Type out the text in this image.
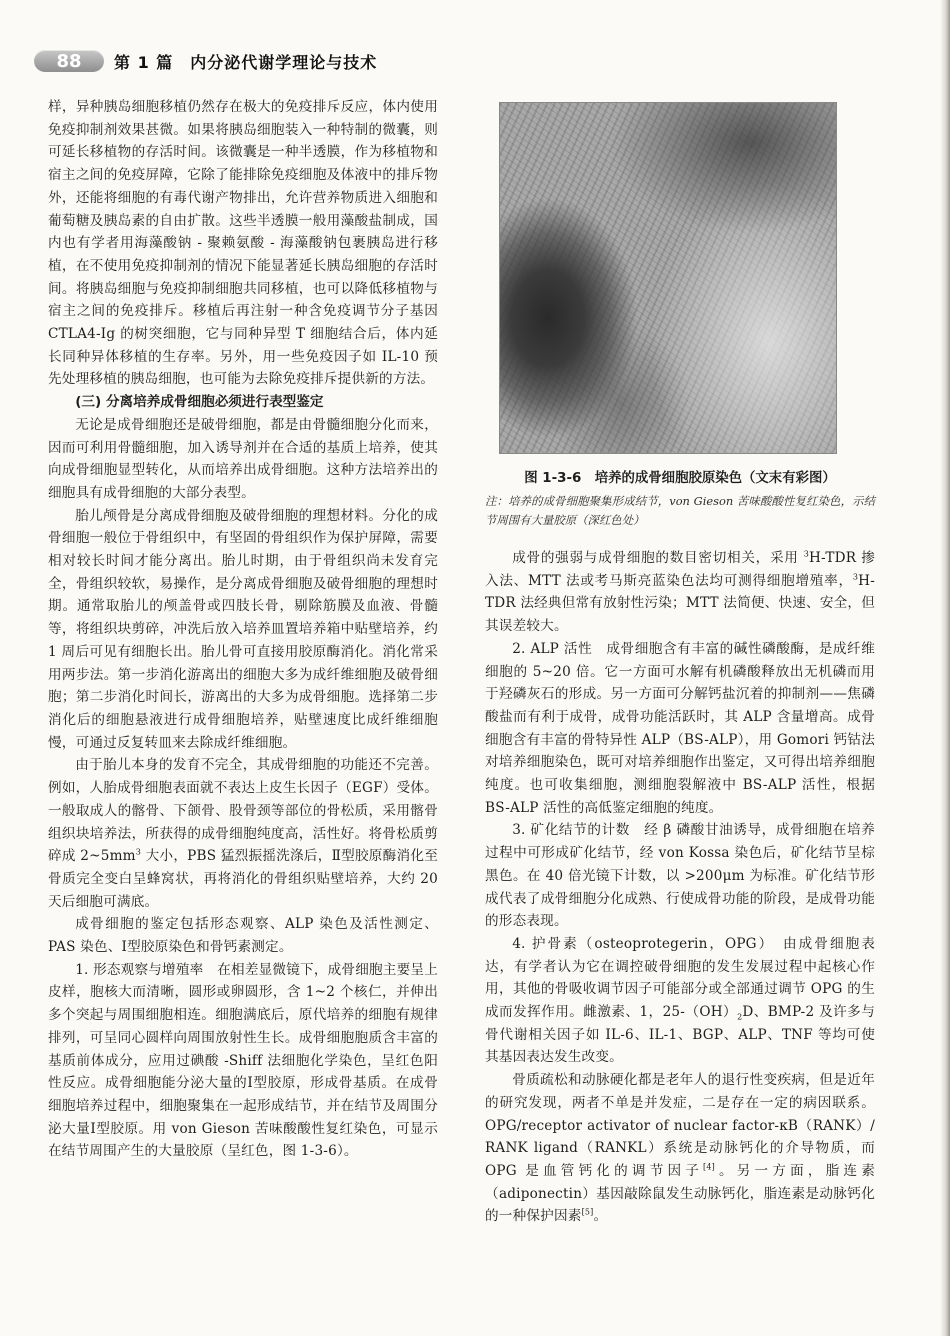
88	第 1 篇　内分泌代谢学理论与技术

样，异种胰岛细胞移植仍然存在极大的免疫排斥反应，体内使用免疫抑制剂效果甚微。如果将胰岛细胞装入一种特制的微囊，则可延长移植物的存活时间。该微囊是一种半透膜，作为移植物和宿主之间的免疫屏障，它除了能排除免疫细胞及体液中的排斥物外，还能将细胞的有毒代谢产物排出，允许营养物质进入细胞和葡萄糖及胰岛素的自由扩散。这些半透膜一般用藻酸盐制成，国内也有学者用海藻酸钠 - 聚赖氨酸 - 海藻酸钠包裹胰岛进行移植，在不使用免疫抑制剂的情况下能显著延长胰岛细胞的存活时间。将胰岛细胞与免疫抑制细胞共同移植，也可以降低移植物与宿主之间的免疫排斥。移植后再注射一种含免疫调节分子基因 CTLA4-Ig 的树突细胞，它与同种异型 T 细胞结合后，体内延长同种异体移植的生存率。另外，用一些免疫因子如 IL-10 预先处理移植的胰岛细胞，也可能为去除免疫排斥提供新的方法。

(三) 分离培养成骨细胞必须进行表型鉴定

无论是成骨细胞还是破骨细胞，都是由骨髓细胞分化而来，因而可利用骨髓细胞，加入诱导剂并在合适的基质上培养，使其向成骨细胞显型转化，从而培养出成骨细胞。这种方法培养出的细胞具有成骨细胞的大部分表型。

胎儿颅骨是分离成骨细胞及破骨细胞的理想材料。分化的成骨细胞一般位于骨组织中，有坚固的骨组织作为保护屏障，需要相对较长时间才能分离出。胎儿时期，由于骨组织尚未发育完全，骨组织较软，易操作，是分离成骨细胞及破骨细胞的理想时期。通常取胎儿的颅盖骨或四肢长骨，剔除筋膜及血液、骨髓等，将组织块剪碎，冲洗后放入培养皿置培养箱中贴壁培养，约 1 周后可见有细胞长出。胎儿骨可直接用胶原酶消化。消化常采用两步法。第一步消化游离出的细胞大多为成纤维细胞及破骨细胞；第二步消化时间长，游离出的大多为成骨细胞。选择第二步消化后的细胞悬液进行成骨细胞培养，贴壁速度比成纤维细胞慢，可通过反复转皿来去除成纤维细胞。

由于胎儿本身的发育不完全，其成骨细胞的功能还不完善。例如，人胎成骨细胞表面就不表达上皮生长因子（EGF）受体。一般取成人的髂骨、下颌骨、股骨颈等部位的骨松质，采用髂骨组织块培养法，所获得的成骨细胞纯度高，活性好。将骨松质剪碎成 $2\sim 5mm^3$ 大小，PBS 猛烈振摇洗涤后，Ⅱ型胶原酶消化至骨质完全变白呈蜂窝状，再将消化的骨组织贴壁培养，大约 20 天后细胞可满底。

成骨细胞的鉴定包括形态观察、ALP 染色及活性测定、PAS 染色、Ⅰ型胶原染色和骨钙素测定。

1. 形态观察与增殖率　在相差显微镜下，成骨细胞主要呈上皮样，胞核大而清晰，圆形或卵圆形，含 1~2 个核仁，并伸出多个突起与周围细胞相连。细胞满底后，原代培养的细胞有规律排列，可呈同心圆样向周围放射性生长。成骨细胞胞质含丰富的基质前体成分，应用过碘酸 -Shiff 法细胞化学染色，呈红色阳性反应。成骨细胞能分泌大量的Ⅰ型胶原，形成骨基质。在成骨细胞培养过程中，细胞聚集在一起形成结节，并在结节及周围分泌大量Ⅰ型胶原。用 von Gieson 苦味酸酸性复红染色，可显示在结节周围产生的大量胶原（呈红色，图 1-3-6）。

图 1-3-6　培养的成骨细胞胶原染色（文末有彩图）
注：培养的成骨细胞聚集形成结节，von Gieson 苦味酸酸性复红染色，示结节周围有大量胶原（深红色处）

成骨的强弱与成骨细胞的数目密切相关，采用 $^3$H-TDR 掺入法、MTT 法或考马斯亮蓝染色法均可测得细胞增殖率，$^3$H-TDR 法经典但常有放射性污染；MTT 法简便、快速、安全，但其误差较大。

2. ALP 活性　成骨细胞含有丰富的碱性磷酸酶，是成纤维细胞的 5~20 倍。它一方面可水解有机磷酸释放出无机磷而用于羟磷灰石的形成。另一方面可分解钙盐沉着的抑制剂——焦磷酸盐而有利于成骨，成骨功能活跃时，其 ALP 含量增高。成骨细胞含有丰富的骨特异性 ALP（BS-ALP），用 Gomori 钙钴法对培养细胞染色，既可对培养细胞作出鉴定，又可得出培养细胞纯度。也可收集细胞，测细胞裂解液中 BS-ALP 活性，根据 BS-ALP 活性的高低鉴定细胞的纯度。

3. 矿化结节的计数　经 β 磷酸甘油诱导，成骨细胞在培养过程中可形成矿化结节，经 von Kossa 染色后，矿化结节呈棕黑色。在 40 倍光镜下计数，以 >200μm 为标准。矿化结节形成代表了成骨细胞分化成熟、行使成骨功能的阶段，是成骨功能的形态表现。

4. 护骨素（osteoprotegerin，OPG）　由成骨细胞表达，有学者认为它在调控破骨细胞的发生发展过程中起核心作用，其他的骨吸收调节因子可能部分或全部通过调节 OPG 的生成而发挥作用。雌激素、1，$25-(OH)_2D$、BMP-2 及许多与骨代谢相关因子如 IL-6、IL-1、BGP、ALP、TNF 等均可使其基因表达发生改变。

骨质疏松和动脉硬化都是老年人的退行性变疾病，但是近年的研究发现，两者不单是并发症，二是存在一定的病因联系。OPG/receptor activator of nuclear factor-κB（RANK）/ RANK ligand（RANKL）系统是动脉钙化的介导物质，而 OPG 是血管钙化的调节因子[4]。另一方面，脂连素（adiponectin）基因敲除鼠发生动脉钙化，脂连素是动脉钙化的一种保护因素[5]。
